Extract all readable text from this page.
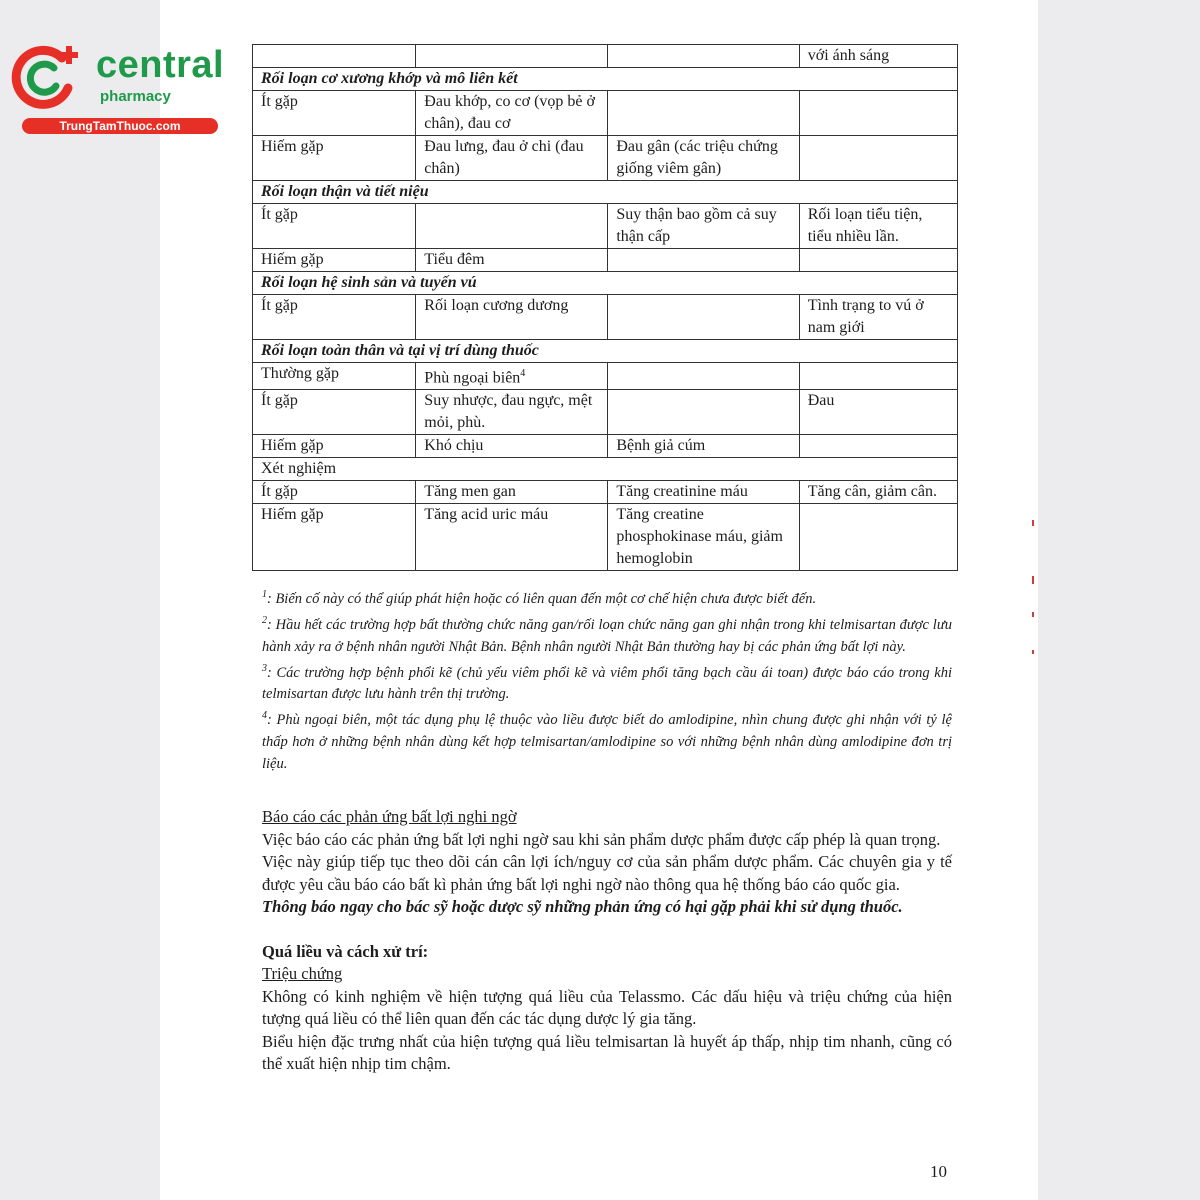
central
pharmacy
TrungTamThuoc.com
			với ánh sáng
Rối loạn cơ xương khớp và mô liên kết			
Ít gặp	Đau khớp, co cơ (vọp bẻ ở chân), đau cơ		
Hiếm gặp	Đau lưng, đau ở chi (đau chân)	Đau gân (các triệu chứng giống viêm gân)	
Rối loạn thận và tiết niệu			
Ít gặp		Suy thận bao gồm cả suy thận cấp	Rối loạn tiểu tiện, tiểu nhiều lần.
Hiếm gặp	Tiểu đêm		
Rối loạn hệ sinh sản và tuyến vú			
Ít gặp	Rối loạn cương dương		Tình trạng to vú ở nam giới
Rối loạn toàn thân và tại vị trí dùng thuốc			
Thường gặp	Phù ngoại biên$^4$		
Ít gặp	Suy nhược, đau ngực, mệt mỏi, phù.		Đau
Hiếm gặp	Khó chịu	Bệnh giả cúm	
Xét nghiệm			
Ít gặp	Tăng men gan	Tăng creatinine máu	Tăng cân, giảm cân.
Hiếm gặp	Tăng acid uric máu	Tăng creatine phosphokinase máu, giảm hemoglobin	

$^1$: Biến cố này có thể giúp phát hiện hoặc có liên quan đến một cơ chế hiện chưa được biết đến.

$^2$: Hầu hết các trường hợp bất thường chức năng gan/rối loạn chức năng gan ghi nhận trong khi telmisartan được lưu hành xảy ra ở bệnh nhân người Nhật Bản. Bệnh nhân người Nhật Bản thường hay bị các phản ứng bất lợi này.

$^3$: Các trường hợp bệnh phổi kẽ (chủ yếu viêm phổi kẽ và viêm phổi tăng bạch cầu ái toan) được báo cáo trong khi telmisartan được lưu hành trên thị trường.

$^4$: Phù ngoại biên, một tác dụng phụ lệ thuộc vào liều được biết do amlodipine, nhìn chung được ghi nhận với tỷ lệ thấp hơn ở những bệnh nhân dùng kết hợp telmisartan/amlodipine so với những bệnh nhân dùng amlodipine đơn trị liệu.

Báo cáo các phản ứng bất lợi nghi ngờ

Việc báo cáo các phản ứng bất lợi nghi ngờ sau khi sản phẩm dược phẩm được cấp phép là quan trọng.

Việc này giúp tiếp tục theo dõi cán cân lợi ích/nguy cơ của sản phẩm dược phẩm. Các chuyên gia y tế được yêu cầu báo cáo bất kì phản ứng bất lợi nghi ngờ nào thông qua hệ thống báo cáo quốc gia.

Thông báo ngay cho bác sỹ hoặc dược sỹ những phản ứng có hại gặp phải khi sử dụng thuốc.

Quá liều và cách xử trí:

Triệu chứng

Không có kinh nghiệm về hiện tượng quá liều của Telassmo. Các dấu hiệu và triệu chứng của hiện tượng quá liều có thể liên quan đến các tác dụng dược lý gia tăng.

Biểu hiện đặc trưng nhất của hiện tượng quá liều telmisartan là huyết áp thấp, nhịp tim nhanh, cũng có thể xuất hiện nhịp tim chậm.

10
